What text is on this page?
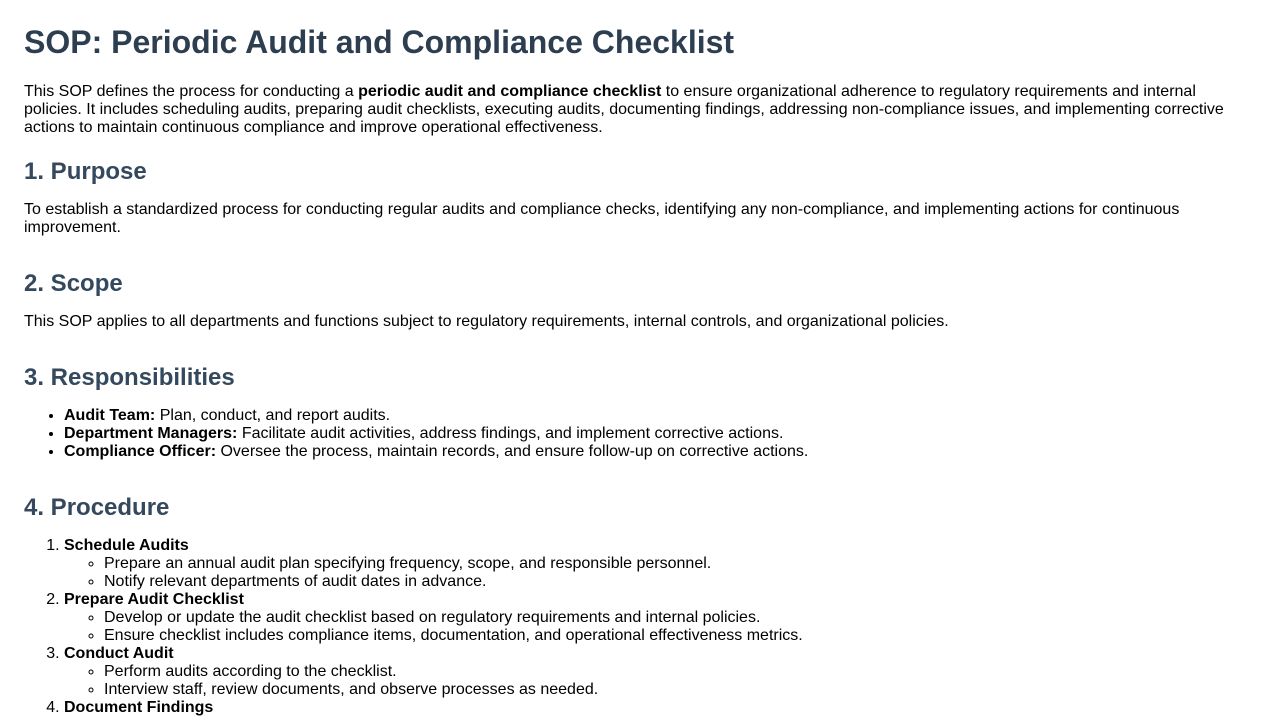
SOP: Periodic Audit and Compliance Checklist

This SOP defines the process for conducting a periodic audit and compliance checklist to ensure organizational adherence to regulatory requirements and internal policies. It includes scheduling audits, preparing audit checklists, executing audits, documenting findings, addressing non-compliance issues, and implementing corrective actions to maintain continuous compliance and improve operational effectiveness.

1. Purpose

To establish a standardized process for conducting regular audits and compliance checks, identifying any non-compliance, and implementing actions for continuous improvement.

2. Scope

This SOP applies to all departments and functions subject to regulatory requirements, internal controls, and organizational policies.

3. Responsibilities
• Audit Team: Plan, conduct, and report audits.
• Department Managers: Facilitate audit activities, address findings, and implement corrective actions.
• Compliance Officer: Oversee the process, maintain records, and ensure follow-up on corrective actions.
4. Procedure
1. Schedule Audits
◦ Prepare an annual audit plan specifying frequency, scope, and responsible personnel.
◦ Notify relevant departments of audit dates in advance.
2. Prepare Audit Checklist
◦ Develop or update the audit checklist based on regulatory requirements and internal policies.
◦ Ensure checklist includes compliance items, documentation, and operational effectiveness metrics.
3. Conduct Audit
◦ Perform audits according to the checklist.
◦ Interview staff, review documents, and observe processes as needed.
4. Document Findings
